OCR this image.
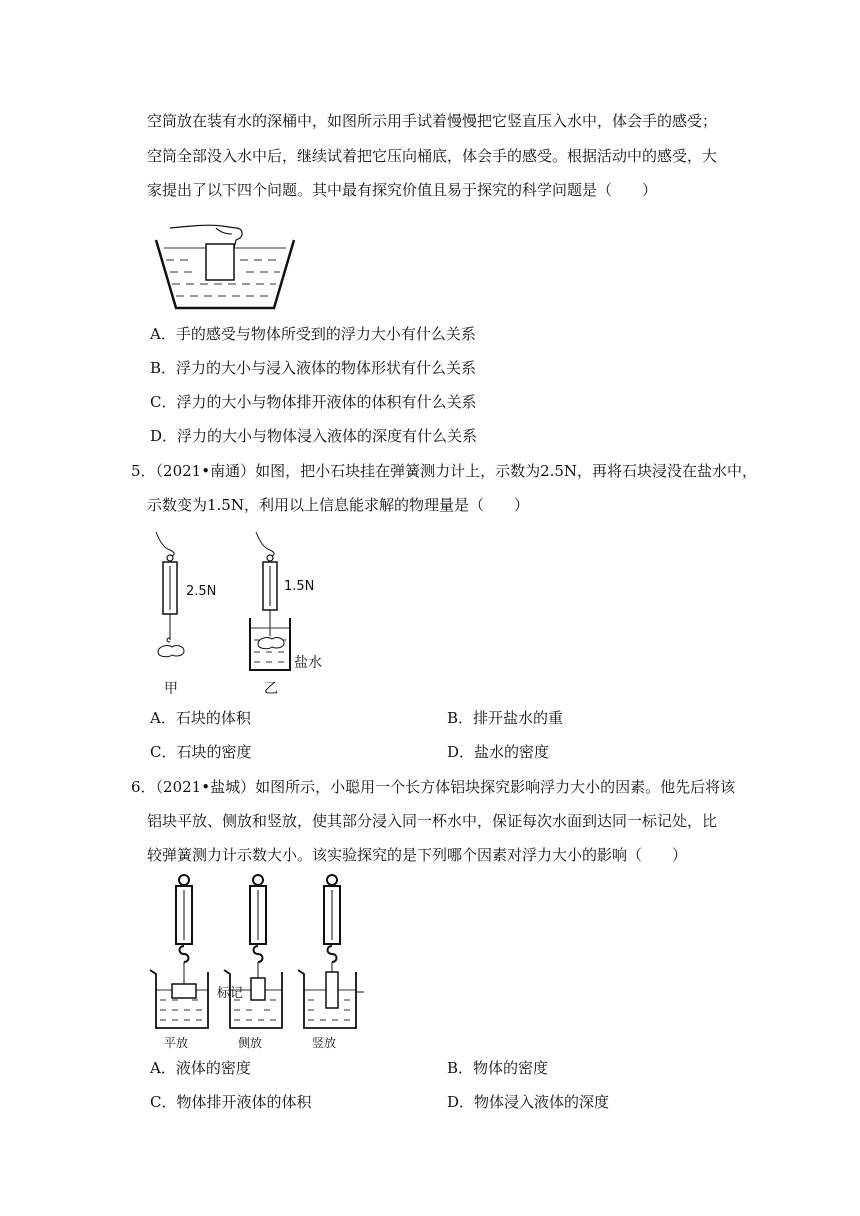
空筒放在装有水的深桶中，如图所示用手试着慢慢把它竖直压入水中，体会手的感受；
空筒全部没入水中后，继续试着把它压向桶底，体会手的感受。根据活动中的感受，大
家提出了以下四个问题。其中最有探究价值且易于探究的科学问题是（　　）
A．手的感受与物体所受到的浮力大小有什么关系
B．浮力的大小与浸入液体的物体形状有什么关系
C．浮力的大小与物体排开液体的体积有什么关系
D．浮力的大小与物体浸入液体的深度有什么关系
5．（2021•南通）如图，把小石块挂在弹簧测力计上，示数为2.5N，再将石块浸没在盐水中，
示数变为1.5N，利用以上信息能求解的物理量是（　　）
2.5N	1.5N
盐水
甲	乙
A．石块的体积	B．排开盐水的重
C．石块的密度	D．盐水的密度
6．（2021•盐城）如图所示，小聪用一个长方体铝块探究影响浮力大小的因素。他先后将该
铝块平放、侧放和竖放，使其部分浸入同一杯水中，保证每次水面到达同一标记处，比
较弹簧测力计示数大小。该实验探究的是下列哪个因素对浮力大小的影响（　　）
标记
平放	侧放	竖放
A．液体的密度	B．物体的密度
C．物体排开液体的体积	D．物体浸入液体的深度
